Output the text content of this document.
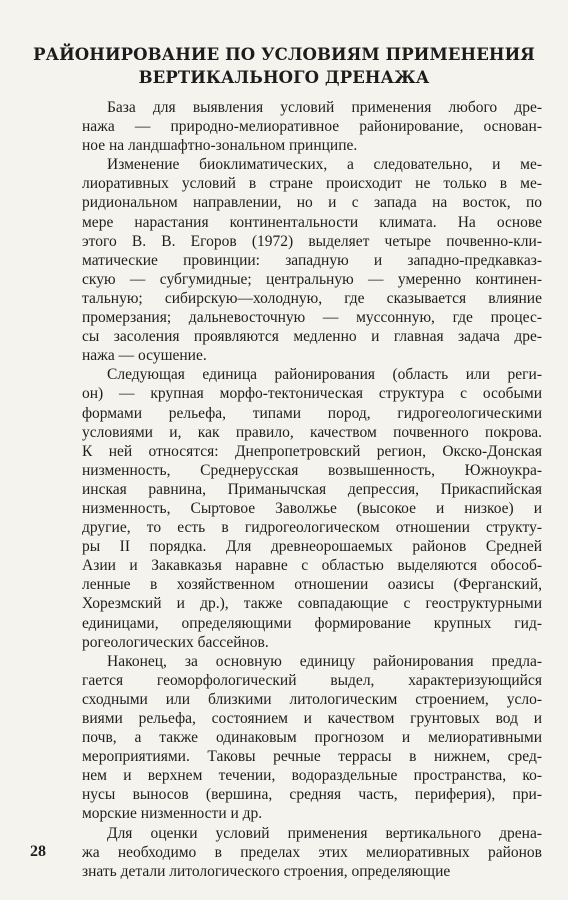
РАЙОНИРОВАНИЕ ПО УСЛОВИЯМ ПРИМЕНЕНИЯ
ВЕРТИКАЛЬНОГО ДРЕНАЖА
База для выявления условий применения любого дре-
нажа — природно-мелиоративное районирование, основан-
ное на ландшафтно-зональном принципе.
Изменение биоклиматических, а следовательно, и ме-
лиоративных условий в стране происходит не только в ме-
ридиональном направлении, но и с запада на восток, по
мере нарастания континентальности климата. На основе
этого В. В. Егоров (1972) выделяет четыре почвенно-кли-
матические провинции: западную и западно-предкавказ-
скую — субгумидные; центральную — умеренно континен-
тальную; сибирскую—холодную, где сказывается влияние
промерзания; дальневосточную — муссонную, где процес-
сы засоления проявляются медленно и главная задача дре-
нажа — осушение.
Следующая единица районирования (область или реги-
он) — крупная морфо-тектоническая структура с особыми
формами рельефа, типами пород, гидрогеологическими
условиями и, как правило, качеством почвенного покрова.
К ней относятся: Днепропетровский регион, Окско-Донская
низменность, Среднерусская возвышенность, Южноукра-
инская равнина, Приманычская депрессия, Прикаспийская
низменность, Сыртовое Заволжье (высокое и низкое) и
другие, то есть в гидрогеологическом отношении структу-
ры II порядка. Для древнеорошаемых районов Средней
Азии и Закавказья наравне с областью выделяются обособ-
ленные в хозяйственном отношении оазисы (Ферганский,
Хорезмский и др.), также совпадающие с геоструктурными
единицами, определяющими формирование крупных гид-
рогеологических бассейнов.
Наконец, за основную единицу районирования предла-
гается геоморфологический выдел, характеризующийся
сходными или близкими литологическим строением, усло-
виями рельефа, состоянием и качеством грунтовых вод и
почв, а также одинаковым прогнозом и мелиоративными
мероприятиями. Таковы речные террасы в нижнем, сред-
нем и верхнем течении, водораздельные пространства, ко-
нусы выносов (вершина, средняя часть, периферия), при-
морские низменности и др.
Для оценки условий применения вертикального дрена-
жа необходимо в пределах этих мелиоративных районов
знать детали литологического строения, определяющие
28
